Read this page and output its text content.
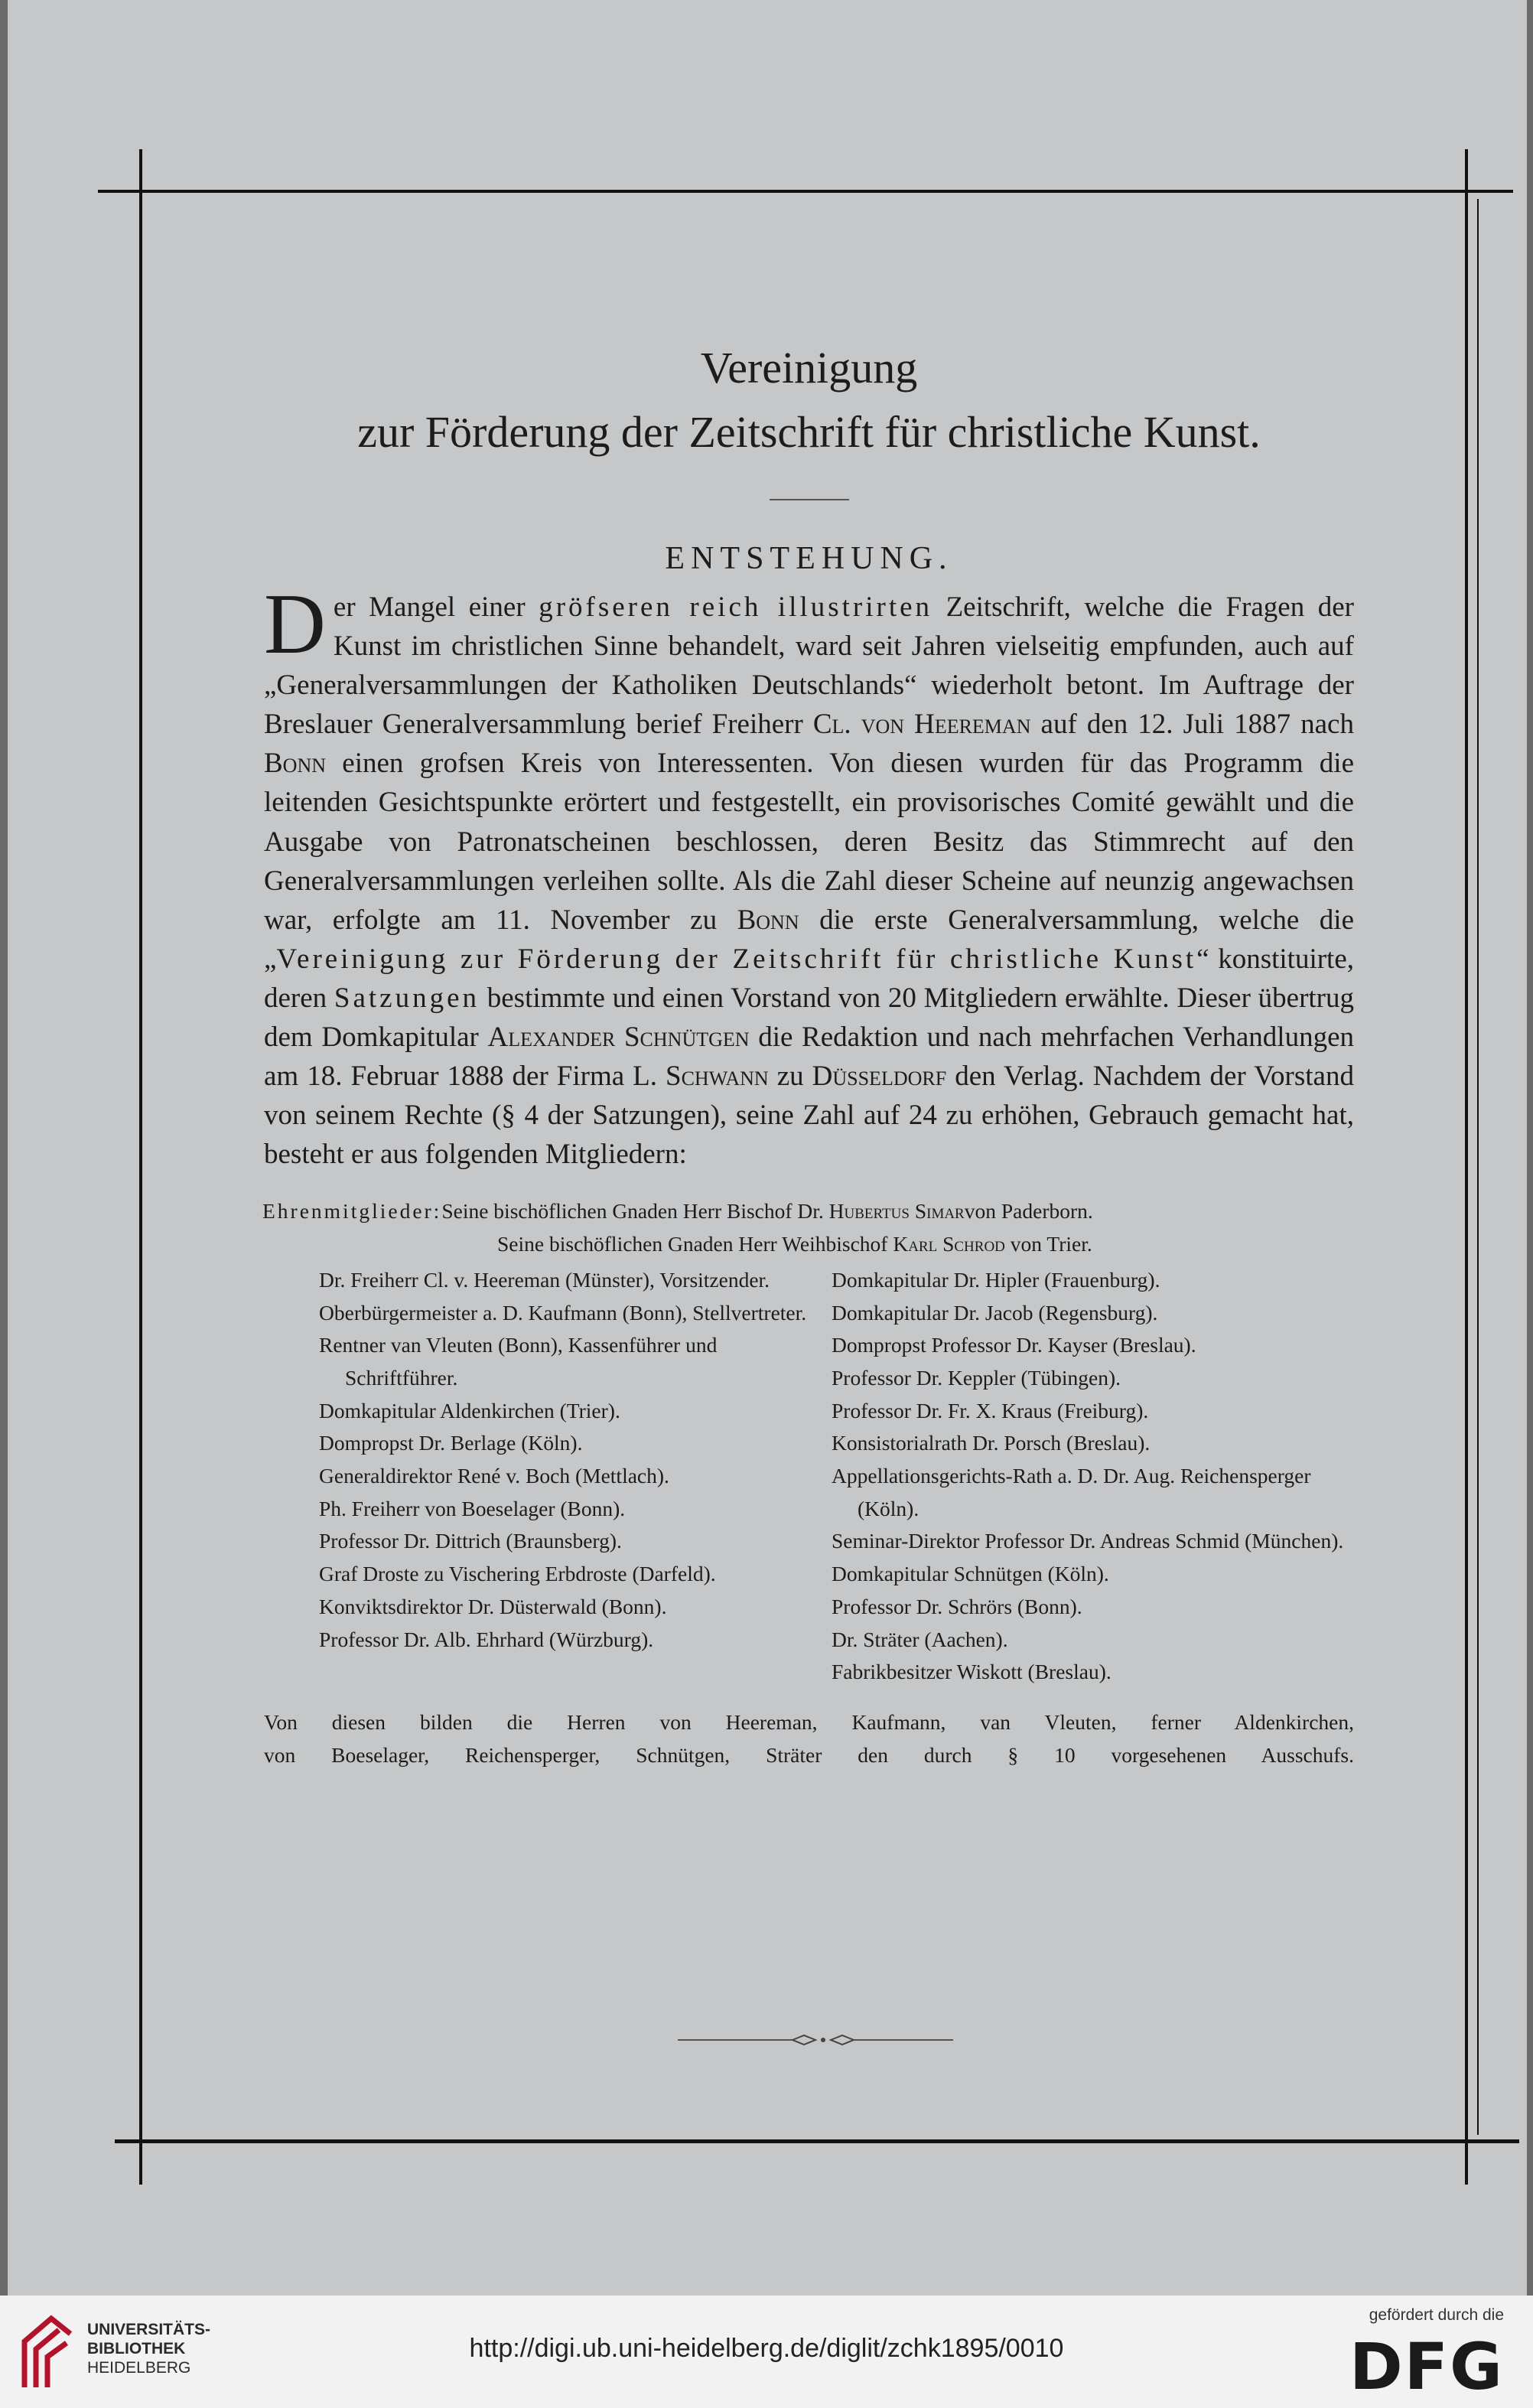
Vereinigung
zur Förderung der Zeitschrift für christliche Kunst.
ENTSTEHUNG.

Der Mangel einer gröfseren reich illustrirten Zeitschrift, welche die Fragen der Kunst im christlichen Sinne behandelt, ward seit Jahren vielseitig empfunden, auch auf „Generalversammlungen der Katholiken Deutschlands“ wiederholt betont. Im Auftrage der Breslauer Generalversammlung berief Freiherr Cl. von Heereman auf den 12. Juli 1887 nach Bonn einen grofsen Kreis von Interessenten. Von diesen wurden für das Programm die leitenden Gesichtspunkte erörtert und festgestellt, ein provisorisches Comité gewählt und die Ausgabe von Patronatscheinen beschlossen, deren Besitz das Stimmrecht auf den Generalversammlungen verleihen sollte. Als die Zahl dieser Scheine auf neunzig angewachsen war, erfolgte am 11. November zu Bonn die erste Generalversammlung, welche die „Vereinigung zur Förderung der Zeitschrift für christliche Kunst“ konstituirte, deren Satzungen bestimmte und einen Vorstand von 20 Mitgliedern erwählte. Dieser übertrug dem Domkapitular Alexander Schnütgen die Redaktion und nach mehrfachen Verhandlungen am 18. Februar 1888 der Firma L. Schwann zu Düsseldorf den Verlag. Nachdem der Vorstand von seinem Rechte (§ 4 der Satzungen), seine Zahl auf 24 zu erhöhen, Gebrauch gemacht hat, besteht er aus folgenden Mitgliedern:

Ehrenmitglieder: Seine bischöflichen Gnaden Herr Bischof Dr.
Hubertus Simar von Paderborn.
Seine bischöflichen Gnaden Herr Weihbischof Karl Schrod von Trier.
Dr. Freiherr Cl. v. Heereman (Münster), Vorsitzender.
Oberbürgermeister a. D. Kaufmann (Bonn), Stellvertreter.
Rentner van Vleuten (Bonn), Kassenführer und Schriftführer.
Domkapitular Aldenkirchen (Trier).
Dompropst Dr. Berlage (Köln).
Generaldirektor René v. Boch (Mettlach).
Ph. Freiherr von Boeselager (Bonn).
Professor Dr. Dittrich (Braunsberg).
Graf Droste zu Vischering Erbdroste (Darfeld).
Konviktsdirektor Dr. Düsterwald (Bonn).
Professor Dr. Alb. Ehrhard (Würzburg).
Domkapitular Dr. Hipler (Frauenburg).
Domkapitular Dr. Jacob (Regensburg).
Dompropst Professor Dr. Kayser (Breslau).
Professor Dr. Keppler (Tübingen).
Professor Dr. Fr. X. Kraus (Freiburg).
Konsistorialrath Dr. Porsch (Breslau).
Appellationsgerichts-Rath a. D. Dr. Aug. Reichensperger (Köln).
Seminar-Direktor Professor Dr. Andreas Schmid (München).
Domkapitular Schnütgen (Köln).
Professor Dr. Schrörs (Bonn).
Dr. Sträter (Aachen).
Fabrikbesitzer Wiskott (Breslau).
Von diesen bilden die Herren von Heereman, Kaufmann, van Vleuten, ferner Aldenkirchen,
von Boeselager, Reichensperger, Schnütgen, Sträter den durch § 10 vorgesehenen Ausschufs.
UNIVERSITÄTS-
BIBLIOTHEK
HEIDELBERG
http://digi.ub.uni-heidelberg.de/diglit/zchk1895/0010
gefördert durch die
DFG
